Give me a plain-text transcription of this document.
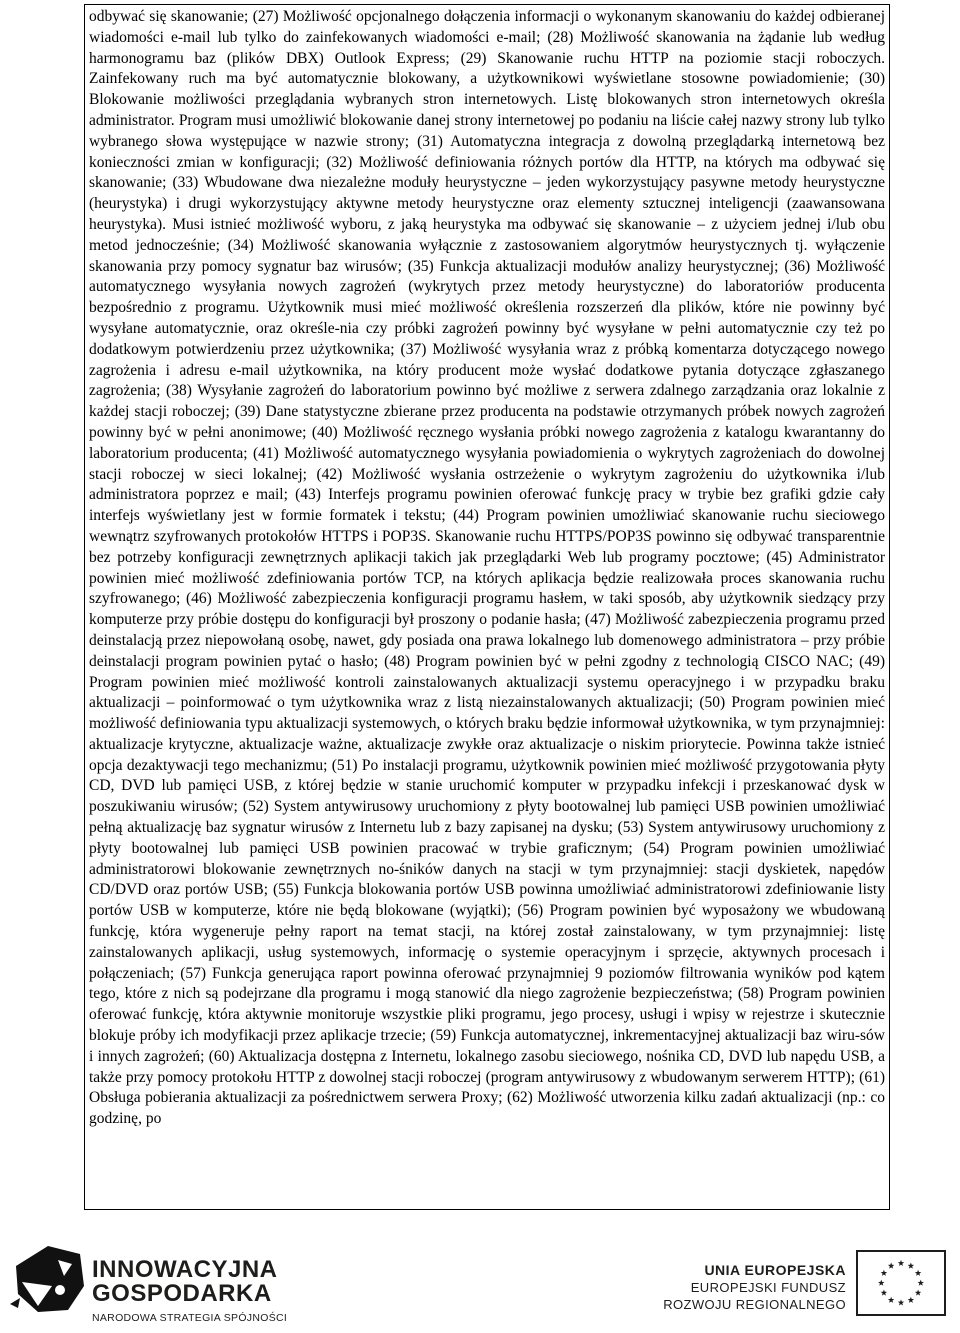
odbywać się skanowanie; (27) Możliwość opcjonalnego dołączenia informacji o wykonanym skanowaniu do każdej odbieranej wiadomości e-mail lub tylko do zainfekowanych wiadomości e-mail; (28) Możliwość skanowania na żądanie lub według harmonogramu baz (plików DBX) Outlook Express; (29) Skanowanie ruchu HTTP na poziomie stacji roboczych. Zainfekowany ruch ma być automatycznie blokowany, a użytkownikowi wyświetlane stosowne powiadomienie; (30) Blokowanie możliwości przeglądania wybranych stron internetowych. Listę blokowanych stron internetowych określa administrator. Program musi umożliwić blokowanie danej strony internetowej po podaniu na liście całej nazwy strony lub tylko wybranego słowa występujące w nazwie strony; (31) Automatyczna integracja z dowolną przeglądarką internetową bez konieczności zmian w konfiguracji; (32) Możliwość definiowania różnych portów dla HTTP, na których ma odbywać się skanowanie; (33) Wbudowane dwa niezależne moduły heurystyczne – jeden wykorzystujący pasywne metody heurystyczne (heurystyka) i drugi wykorzystujący aktywne metody heurystyczne oraz elementy sztucznej inteligencji (zaawansowana heurystyka). Musi istnieć możliwość wyboru, z jaką heurystyka ma odbywać się skanowanie – z użyciem jednej i/lub obu metod jednocześnie; (34) Możliwość skanowania wyłącznie z zastosowaniem algorytmów heurystycznych tj. wyłączenie skanowania przy pomocy sygnatur baz wirusów; (35) Funkcja aktualizacji modułów analizy heurystycznej; (36) Możliwość automatycznego wysyłania nowych zagrożeń (wykrytych przez metody heurystyczne) do laboratoriów producenta bezpośrednio z programu. Użytkownik musi mieć możliwość określenia rozszerzeń dla plików, które nie powinny być wysyłane automatycznie, oraz określe-nia czy próbki zagrożeń powinny być wysyłane w pełni automatycznie czy też po dodatkowym potwierdzeniu przez użytkownika; (37) Możliwość wysyłania wraz z próbką komentarza dotyczącego nowego zagrożenia i adresu e-mail użytkownika, na który producent może wysłać dodatkowe pytania dotyczące zgłaszanego zagrożenia; (38) Wysyłanie zagrożeń do laboratorium powinno być możliwe z serwera zdalnego zarządzania oraz lokalnie z każdej stacji roboczej; (39) Dane statystyczne zbierane przez producenta na podstawie otrzymanych próbek nowych zagrożeń powinny być w pełni anonimowe; (40) Możliwość ręcznego wysłania próbki nowego zagrożenia z katalogu kwarantanny do laboratorium producenta; (41) Możliwość automatycznego wysyłania powiadomienia o wykrytych zagrożeniach do dowolnej stacji roboczej w sieci lokalnej; (42) Możliwość wysłania ostrzeżenie o wykrytym zagrożeniu do użytkownika i/lub administratora poprzez e mail; (43) Interfejs programu powinien oferować funkcję pracy w trybie bez grafiki gdzie cały interfejs wyświetlany jest w formie formatek i tekstu; (44) Program powinien umożliwiać skanowanie ruchu sieciowego wewnątrz szyfrowanych protokołów HTTPS i POP3S. Skanowanie ruchu HTTPS/POP3S powinno się odbywać transparentnie bez potrzeby konfiguracji zewnętrznych aplikacji takich jak przeglądarki Web lub programy pocztowe; (45) Administrator powinien mieć możliwość zdefiniowania portów TCP, na których aplikacja będzie realizowała proces skanowania ruchu szyfrowanego; (46) Możliwość zabezpieczenia konfiguracji programu hasłem, w taki sposób, aby użytkownik siedzący przy komputerze przy próbie dostępu do konfiguracji był proszony o podanie hasła; (47) Możliwość zabezpieczenia programu przed deinstalacją przez niepowołaną osobę, nawet, gdy posiada ona prawa lokalnego lub domenowego administratora – przy próbie deinstalacji program powinien pytać o hasło; (48) Program powinien być w pełni zgodny z technologią CISCO NAC; (49) Program powinien mieć możliwość kontroli zainstalowanych aktualizacji systemu operacyjnego i w przypadku braku aktualizacji – poinformować o tym użytkownika wraz z listą niezainstalowanych aktualizacji; (50) Program powinien mieć możliwość definiowania typu aktualizacji systemowych, o których braku będzie informował użytkownika, w tym przynajmniej: aktualizacje krytyczne, aktualizacje ważne, aktualizacje zwykłe oraz aktualizacje o niskim priorytecie. Powinna także istnieć opcja dezaktywacji tego mechanizmu; (51) Po instalacji programu, użytkownik powinien mieć możliwość przygotowania płyty CD, DVD lub pamięci USB, z której będzie w stanie uruchomić komputer w przypadku infekcji i przeskanować dysk w poszukiwaniu wirusów; (52) System antywirusowy uruchomiony z płyty bootowalnej lub pamięci USB powinien umożliwiać pełną aktualizację baz sygnatur wirusów z Internetu lub z bazy zapisanej na dysku; (53) System antywirusowy uruchomiony z płyty bootowalnej lub pamięci USB powinien pracować w trybie graficznym; (54) Program powinien umożliwiać administratorowi blokowanie zewnętrznych no-śników danych na stacji w tym przynajmniej: stacji dyskietek, napędów CD/DVD oraz portów USB; (55) Funkcja blokowania portów USB powinna umożliwiać administratorowi zdefiniowanie listy portów USB w komputerze, które nie będą blokowane (wyjątki); (56) Program powinien być wyposażony we wbudowaną funkcję, która wygeneruje pełny raport na temat stacji, na której został zainstalowany, w tym przynajmniej: listę zainstalowanych aplikacji, usług systemowych, informację o systemie operacyjnym i sprzęcie, aktywnych procesach i połączeniach; (57) Funkcja generująca raport powinna oferować przynajmniej 9 poziomów filtrowania wyników pod kątem tego, które z nich są podejrzane dla programu i mogą stanowić dla niego zagrożenie bezpieczeństwa; (58) Program powinien oferować funkcję, która aktywnie monitoruje wszystkie pliki programu, jego procesy, usługi i wpisy w rejestrze i skutecznie blokuje próby ich modyfikacji przez aplikacje trzecie; (59) Funkcja automatycznej, inkrementacyjnej aktualizacji baz wiru-sów i innych zagrożeń; (60) Aktualizacja dostępna z Internetu, lokalnego zasobu sieciowego, nośnika CD, DVD lub napędu USB, a także przy pomocy protokołu HTTP z dowolnej stacji roboczej (program antywirusowy z wbudowanym serwerem HTTP); (61) Obsługa pobierania aktualizacji za pośrednictwem serwera Proxy; (62) Możliwość utworzenia kilku zadań aktualizacji (np.: co godzinę, po

INNOWACYJNA
GOSPODARKA
NARODOWA STRATEGIA SPÓJNOŚCI
UNIA EUROPEJSKA
EUROPEJSKI FUNDUSZ
ROZWOJU REGIONALNEGO
